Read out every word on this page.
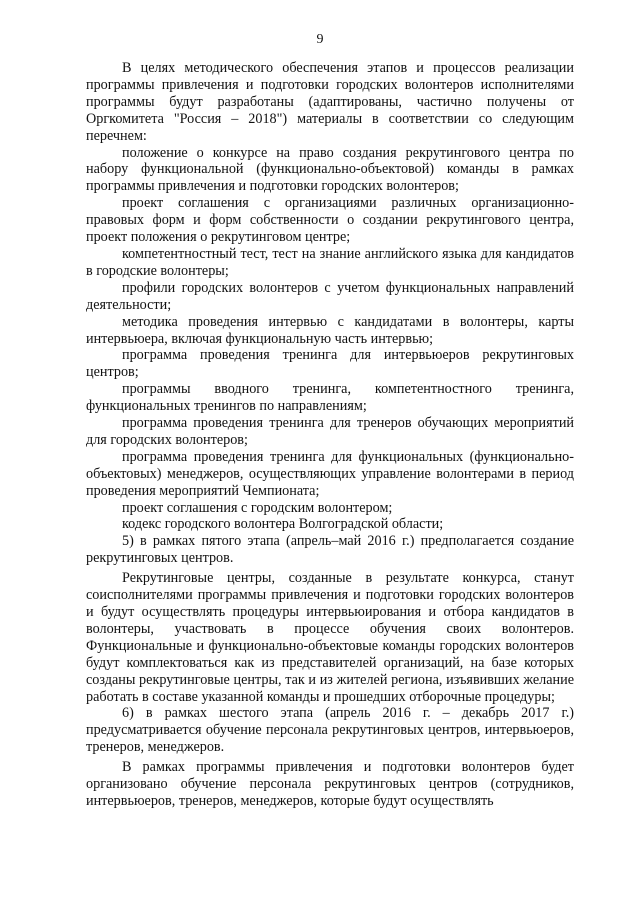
9

В целях методического обеспечения этапов и процессов реализации программы привлечения и подготовки городских волонтеров исполнителями программы будут разработаны (адаптированы, частично получены от Оргкомитета "Россия – 2018") материалы в соответствии со следующим перечнем:

положение о конкурсе на право создания рекрутингового центра по набору функциональной (функционально-объектовой) команды в рамках программы привлечения и подготовки городских волонтеров;

проект соглашения с организациями различных организационно-правовых форм и форм собственности о создании рекрутингового центра, проект положения о рекрутинговом центре;

компетентностный тест, тест на знание английского языка для кандидатов в городские волонтеры;

профили городских волонтеров с учетом функциональных направлений деятельности;

методика проведения интервью с кандидатами в волонтеры, карты интервьюера, включая функциональную часть интервью;

программа проведения тренинга для интервьюеров рекрутинговых центров;

программы вводного тренинга, компетентностного тренинга, функциональных тренингов по направлениям;

программа проведения тренинга для тренеров обучающих мероприятий для городских волонтеров;

программа проведения тренинга для функциональных (функционально-объектовых) менеджеров, осуществляющих управление волонтерами в период проведения мероприятий Чемпионата;

проект соглашения с городским волонтером;

кодекс городского волонтера Волгоградской области;

5) в рамках пятого этапа (апрель–май 2016 г.) предполагается создание рекрутинговых центров.

Рекрутинговые центры, созданные в результате конкурса, станут соисполнителями программы привлечения и подготовки городских волонтеров и будут осуществлять процедуры интервьюирования и отбора кандидатов в волонтеры, участвовать в процессе обучения своих волонтеров. Функциональные и функционально-объектовые команды городских волонтеров будут комплектоваться как из представителей организаций, на базе которых созданы рекрутинговые центры, так и из жителей региона, изъявивших желание работать в составе указанной команды и прошедших отборочные процедуры;

6) в рамках шестого этапа (апрель 2016 г. – декабрь 2017 г.) предусматривается обучение персонала рекрутинговых центров, интервьюеров, тренеров, менеджеров.

В рамках программы привлечения и подготовки волонтеров будет организовано обучение персонала рекрутинговых центров (сотрудников, интервьюеров, тренеров, менеджеров, которые будут осуществлять
